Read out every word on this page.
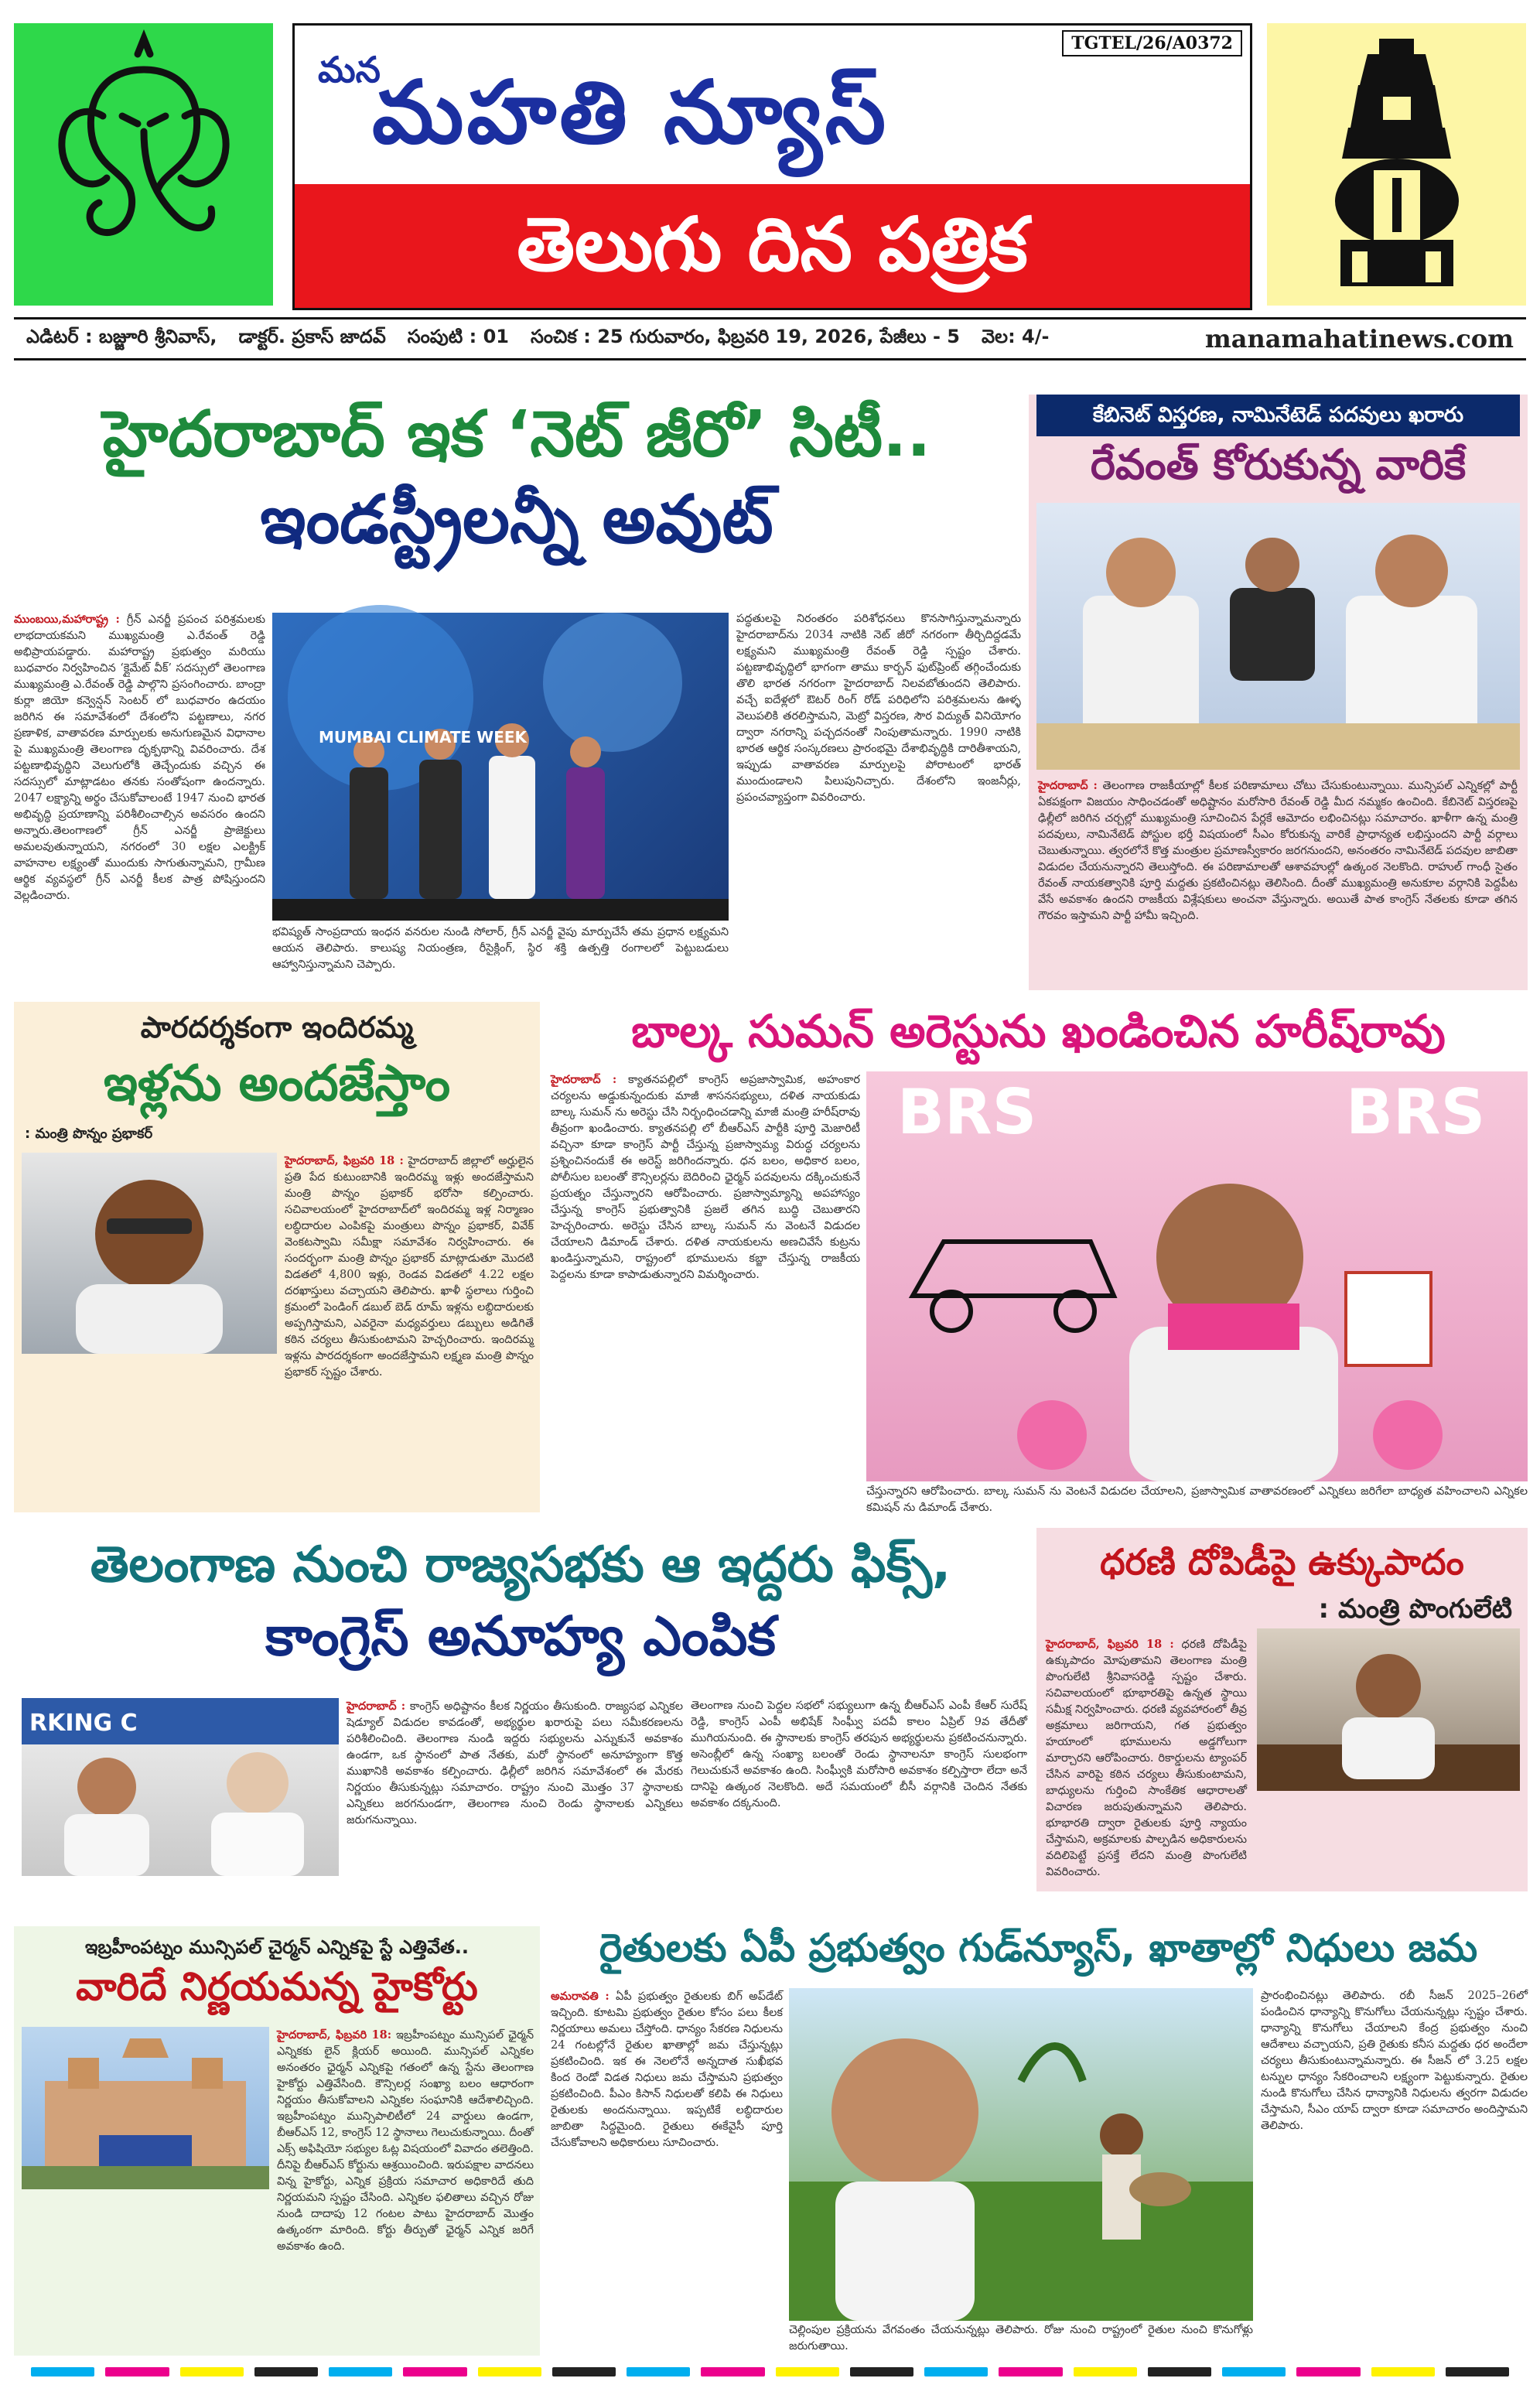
మన
మహతి న్యూస్
TGTEL/26/A0372
తెలుగు దిన పత్రిక
ఎడిటర్ : బజ్జూరి శ్రీనివాస్, డాక్టర్. ప్రకాస్ జాదవ్ సంపుటి : 01 సంచిక : 25 గురువారం, ఫిబ్రవరి 19, 2026, పేజీలు - 5 వెల: 4/-	manamahatinews.com
హైదరాబాద్ ఇక ‘నెట్ జీరో’ సిటీ..
ఇండస్ట్రీలన్నీ అవుట్
ముంబయి,మహారాష్ట్ర : గ్రీన్ ఎనర్జీ ప్రపంచ పరిశ్రమలకు లాభదాయకమని ముఖ్యమంత్రి ఎ.రేవంత్ రెడ్డి అభిప్రాయపడ్డారు. మహారాష్ట్ర ప్రభుత్వం మరియు బుధవారం నిర్వహించిన ‘క్లైమేట్ వీక్’ సదస్సులో తెలంగాణ ముఖ్యమంత్రి ఎ.రేవంత్ రెడ్డి పాల్గొని ప్రసంగించారు. బాంద్రా కుర్లా జియో కన్వెన్షన్ సెంటర్ లో బుధవారం ఉదయం జరిగిన ఈ సమావేశంలో దేశంలోని పట్టణాలు, నగర ప్రణాళిక, వాతావరణ మార్పులకు అనుగుణమైన విధానాల పై ముఖ్యమంత్రి తెలంగాణ దృక్పథాన్ని వివరించారు. దేశ పట్టణాభివృద్ధిని వెలుగులోకి తెచ్చేందుకు వచ్చిన ఈ సదస్సులో మాట్లాడటం తనకు సంతోషంగా ఉందన్నారు. 2047 లక్ష్యాన్ని అర్థం చేసుకోవాలంటే 1947 నుంచి భారత అభివృద్ధి ప్రయాణాన్ని పరిశీలించాల్సిన అవసరం ఉందని అన్నారు.తెలంగాణలో గ్రీన్ ఎనర్జీ ప్రాజెక్టులు అమలవుతున్నాయని, నగరంలో 30 లక్షల ఎలక్ట్రిక్ వాహనాల లక్ష్యంతో ముందుకు సాగుతున్నామని, గ్రామీణ ఆర్థిక వ్యవస్థలో గ్రీన్ ఎనర్జీ కీలక పాత్ర పోషిస్తుందని వెల్లడించారు.
MUMBAI CLIMATE WEEK
భవిష్యత్ సాంప్రదాయ ఇంధన వనరుల నుండి సోలార్, గ్రీన్ ఎనర్జీ వైపు మార్పుచేసే తమ ప్రధాన లక్ష్యమని ఆయన తెలిపారు. కాలుష్య నియంత్రణ, రీసైక్లింగ్, స్థిర శక్తి ఉత్పత్తి రంగాలలో పెట్టుబడులు ఆహ్వానిస్తున్నామని చెప్పారు.
పద్ధతులపై నిరంతరం పరిశోధనలు కొనసాగిస్తున్నామన్నారు హైదరాబాద్‌ను 2034 నాటికి నెట్ జీరో నగరంగా తీర్చిదిద్దడమే లక్ష్యమని ముఖ్యమంత్రి రేవంత్ రెడ్డి స్పష్టం చేశారు. పట్టణాభివృద్ధిలో భాగంగా తాము కార్బన్ ఫుట్‌ప్రింట్ తగ్గించేందుకు తొలి భారత నగరంగా హైదరాబాద్ నిలవబోతుందని తెలిపారు. వచ్చే ఐదేళ్లలో ఔటర్ రింగ్ రోడ్ పరిధిలోని పరిశ్రమలను ఊళ్ళ వెలుపలికి తరలిస్తామని, మెట్రో విస్తరణ, సౌర విద్యుత్ వినియోగం ద్వారా నగరాన్ని పచ్చదనంతో నింపుతామన్నారు. 1990 నాటికి భారత ఆర్థిక సంస్కరణలు ప్రారంభమై దేశాభివృద్ధికి దారితీశాయని, ఇప్పుడు వాతావరణ మార్పులపై పోరాటంలో భారత్ ముందుండాలని పిలుపునిచ్చారు. దేశంలోని ఇంజనీర్లు, ప్రపంచవ్యాప్తంగా వివరించారు.
కేబినెట్ విస్తరణ, నామినేటెడ్ పదవులు ఖరారు
రేవంత్ కోరుకున్న వారికే
హైదరాబాద్ : తెలంగాణ రాజకీయాల్లో కీలక పరిణామాలు చోటు చేసుకుంటున్నాయి. మున్సిపల్ ఎన్నికల్లో పార్టీ ఏకపక్షంగా విజయం సాధించడంతో అధిష్టానం మరోసారి రేవంత్ రెడ్డి మీద నమ్మకం ఉంచింది. కేబినెట్ విస్తరణపై ఢిల్లీలో జరిగిన చర్చల్లో ముఖ్యమంత్రి సూచించిన పేర్లకే ఆమోదం లభించినట్లు సమాచారం. ఖాళీగా ఉన్న మంత్రి పదవులు, నామినేటెడ్ పోస్టుల భర్తీ విషయంలో సీఎం కోరుకున్న వారికే ప్రాధాన్యత లభిస్తుందని పార్టీ వర్గాలు చెబుతున్నాయి. త్వరలోనే కొత్త మంత్రుల ప్రమాణస్వీకారం జరగనుందని, అనంతరం నామినేటెడ్ పదవుల జాబితా విడుదల చేయనున్నారని తెలుస్తోంది. ఈ పరిణామాలతో ఆశావహుల్లో ఉత్కంఠ నెలకొంది. రాహుల్ గాంధీ సైతం రేవంత్ నాయకత్వానికి పూర్తి మద్దతు ప్రకటించినట్లు తెలిసింది. దీంతో ముఖ్యమంత్రి అనుకూల వర్గానికి పెద్దపీట వేసే అవకాశం ఉందని రాజకీయ విశ్లేషకులు అంచనా వేస్తున్నారు. అయితే పాత కాంగ్రెస్ నేతలకు కూడా తగిన గౌరవం ఇస్తామని పార్టీ హామీ ఇచ్చింది.
పారదర్శకంగా ఇందిరమ్మ
ఇళ్లను అందజేస్తాం
: మంత్రి పొన్నం ప్రభాకర్
హైదరాబాద్, ఫిబ్రవరి 18 : హైదరాబాద్ జిల్లాలో అర్హులైన ప్రతి పేద కుటుంబానికి ఇందిరమ్మ ఇళ్లు అందజేస్తామని మంత్రి పొన్నం ప్రభాకర్ భరోసా కల్పించారు. సచివాలయంలో హైదరాబాద్‌లో ఇందిరమ్మ ఇళ్ల నిర్మాణం లబ్ధిదారుల ఎంపికపై మంత్రులు పొన్నం ప్రభాకర్, వివేక్ వెంకటస్వామి సమీక్షా సమావేశం నిర్వహించారు. ఈ సందర్భంగా మంత్రి పొన్నం ప్రభాకర్ మాట్లాడుతూ మొదటి విడతలో 4,800 ఇళ్లు, రెండవ విడతలో 4.22 లక్షల దరఖాస్తులు వచ్చాయని తెలిపారు. ఖాళీ స్థలాలు గుర్తించి క్రమంలో పెండింగ్ డబుల్ బెడ్ రూమ్ ఇళ్లను లబ్ధిదారులకు అప్పగిస్తామని, ఎవరైనా మధ్యవర్తులు డబ్బులు అడిగితే కఠిన చర్యలు తీసుకుంటామని హెచ్చరించారు. ఇందిరమ్మ ఇళ్లను పారదర్శకంగా అందజేస్తామని లక్ష్మణ మంత్రి పొన్నం ప్రభాకర్ స్పష్టం చేశారు.
బాల్క సుమన్ అరెస్టును ఖండించిన హరీష్‌రావు
హైదరాబాద్ : క్యాతనపల్లిలో కాంగ్రెస్ అప్రజాస్వామిక, అహంకార చర్యలను అడ్డుకున్నందుకు మాజీ శాసనసభ్యులు, దళిత నాయకుడు బాల్క సుమన్ ను అరెస్టు చేసి నిర్బంధించడాన్ని మాజీ మంత్రి హరీష్‌రావు తీవ్రంగా ఖండించారు. క్యాతనపల్లి లో బీఆర్ఎస్ పార్టీకి పూర్తి మెజారిటీ వచ్చినా కూడా కాంగ్రెస్ పార్టీ చేస్తున్న ప్రజాస్వామ్య విరుద్ధ చర్యలను ప్రశ్నించినందుకే ఈ అరెస్ట్ జరిగిందన్నారు. ధన బలం, అధికార బలం, పోలీసుల బలంతో కౌన్సిలర్లను బెదిరించి ఛైర్మన్ పదవులను దక్కించుకునే ప్రయత్నం చేస్తున్నారని ఆరోపించారు. ప్రజాస్వామ్యాన్ని అపహాస్యం చేస్తున్న కాంగ్రెస్ ప్రభుత్వానికి ప్రజలే తగిన బుద్ధి చెబుతారని హెచ్చరించారు. అరెస్టు చేసిన బాల్క సుమన్ ను వెంటనే విడుదల చేయాలని డిమాండ్ చేశారు. దళిత నాయకులను అణచివేసే కుట్రను ఖండిస్తున్నామని, రాష్ట్రంలో భూములను కబ్జా చేస్తున్న రాజకీయ పెద్దలను కూడా కాపాడుతున్నారని విమర్శించారు.
BRS	BRS
చేస్తున్నారని ఆరోపించారు. బాల్క సుమన్ ను వెంటనే విడుదల చేయాలని, ప్రజాస్వామిక వాతావరణంలో ఎన్నికలు జరిగేలా బాధ్యత వహించాలని ఎన్నికల కమిషన్ ను డిమాండ్ చేశారు.
తెలంగాణ నుంచి రాజ్యసభకు ఆ ఇద్దరు ఫిక్స్,
కాంగ్రెస్ అనూహ్య ఎంపిక
RKING C
హైదరాబాద్ : కాంగ్రెస్ అధిష్టానం కీలక నిర్ణయం తీసుకుంది. రాజ్యసభ ఎన్నికల షెడ్యూల్ విడుదల కావడంతో, అభ్యర్థుల ఖరారుపై పలు సమీకరణలను పరిశీలించింది. తెలంగాణ నుండి ఇద్దరు సభ్యులను ఎన్నుకునే అవకాశం ఉండగా, ఒక స్థానంలో పాత నేతకు, మరో స్థానంలో అనూహ్యంగా కొత్త ముఖానికి అవకాశం కల్పించారు. ఢిల్లీలో జరిగిన సమావేశంలో ఈ మేరకు నిర్ణయం తీసుకున్నట్లు సమాచారం. రాష్ట్రం నుంచి మొత్తం 37 స్థానాలకు ఎన్నికలు జరగనుండగా, తెలంగాణ నుంచి రెండు స్థానాలకు ఎన్నికలు జరుగనున్నాయి.
తెలంగాణ నుంచి పెద్దల సభలో సభ్యులుగా ఉన్న బీఆర్ఎస్ ఎంపీ కేఆర్ సురేష్ రెడ్డి, కాంగ్రెస్ ఎంపీ అభిషేక్ సింఘ్వీ పదవీ కాలం ఏప్రిల్ 9వ తేదీతో ముగియనుంది. ఈ స్థానాలకు కాంగ్రెస్ తరపున అభ్యర్థులను ప్రకటించనున్నారు. అసెంబ్లీలో ఉన్న సంఖ్యా బలంతో రెండు స్థానాలనూ కాంగ్రెస్ సులభంగా గెలుచుకునే అవకాశం ఉంది. సింఘ్వీకి మరోసారి అవకాశం కల్పిస్తారా లేదా అనే దానిపై ఉత్కంఠ నెలకొంది. అదే సమయంలో బీసీ వర్గానికి చెందిన నేతకు అవకాశం దక్కనుంది.
ధరణి దోపిడీపై ఉక్కుపాదం
: మంత్రి పొంగులేటి
హైదరాబాద్, ఫిబ్రవరి 18 : ధరణి దోపిడీపై ఉక్కుపాదం మోపుతామని తెలంగాణ మంత్రి పొంగులేటి శ్రీనివాసరెడ్డి స్పష్టం చేశారు. సచివాలయంలో భూభారతిపై ఉన్నత స్థాయి సమీక్ష నిర్వహించారు. ధరణి వ్యవహారంలో తీవ్ర అక్రమాలు జరిగాయని, గత ప్రభుత్వం హయాంలో భూములను అడ్డగోలుగా మార్చారని ఆరోపించారు. రికార్డులను ట్యాంపర్ చేసిన వారిపై కఠిన చర్యలు తీసుకుంటామని, బాధ్యులను గుర్తించి సాంకేతిక ఆధారాలతో విచారణ జరుపుతున్నామని తెలిపారు. భూభారతి ద్వారా రైతులకు పూర్తి న్యాయం చేస్తామని, అక్రమాలకు పాల్పడిన అధికారులను వదిలిపెట్టే ప్రసక్తే లేదని మంత్రి పొంగులేటి వివరించారు.
ఇబ్రహీంపట్నం మున్సిపల్ చైర్మన్ ఎన్నికపై స్టే ఎత్తివేత..
వారిదే నిర్ణయమన్న హైకోర్టు
హైదరాబాద్, ఫిబ్రవరి 18: ఇబ్రహీంపట్నం మున్సిపల్ ఛైర్మన్ ఎన్నికకు లైన్ క్లియర్ అయింది. మున్సిపల్ ఎన్నికల అనంతరం ఛైర్మన్ ఎన్నికపై గతంలో ఉన్న స్టేను తెలంగాణ హైకోర్టు ఎత్తివేసింది. కౌన్సిలర్ల సంఖ్యా బలం ఆధారంగా నిర్ణయం తీసుకోవాలని ఎన్నికల సంఘానికి ఆదేశాలిచ్చింది. ఇబ్రహీంపట్నం మున్సిపాలిటీలో 24 వార్డులు ఉండగా, బీఆర్ఎస్ 12, కాంగ్రెస్ 12 స్థానాలు గెలుచుకున్నాయి. దీంతో ఎక్స్ అఫిషియో సభ్యుల ఓట్ల విషయంలో వివాదం తలెత్తింది. దీనిపై బీఆర్ఎస్ కోర్టును ఆశ్రయించింది. ఇరుపక్షాల వాదనలు విన్న హైకోర్టు, ఎన్నిక ప్రక్రియ సమాచార అధికారిదే తుది నిర్ణయమని స్పష్టం చేసింది. ఎన్నికల ఫలితాలు వచ్చిన రోజు నుండి దాదాపు 12 గంటల పాటు హైదరాబాద్ మొత్తం ఉత్కంఠగా మారింది. కోర్టు తీర్పుతో ఛైర్మన్ ఎన్నిక జరిగే అవకాశం ఉంది.
రైతులకు ఏపీ ప్రభుత్వం గుడ్‌న్యూస్, ఖాతాల్లో నిధులు జమ
అమరావతి : ఏపీ ప్రభుత్వం రైతులకు బిగ్ అప్‌డేట్ ఇచ్చింది. కూటమి ప్రభుత్వం రైతుల కోసం పలు కీలక నిర్ణయాలు అమలు చేస్తోంది. ధాన్యం సేకరణ నిధులను 24 గంటల్లోనే రైతుల ఖాతాల్లో జమ చేస్తున్నట్లు ప్రకటించింది. ఇక ఈ నెలలోనే అన్నదాత సుఖీభవ కింద రెండో విడత నిధులు జమ చేస్తామని ప్రభుత్వం ప్రకటించింది. పీఎం కిసాన్ నిధులతో కలిపి ఈ నిధులు రైతులకు అందనున్నాయి. ఇప్పటికే లబ్ధిదారుల జాబితా సిద్ధమైంది. రైతులు ఈకేవైసీ పూర్తి చేసుకోవాలని అధికారులు సూచించారు.
చెల్లింపుల ప్రక్రియను వేగవంతం చేయనున్నట్లు తెలిపారు. రోజు నుంచి రాష్ట్రంలో రైతుల నుంచి కొనుగోళ్లు జరుగుతాయి.
ప్రారంభించినట్లు తెలిపారు. రబీ సీజన్ 2025–26లో పండించిన ధాన్యాన్ని కొనుగోలు చేయనున్నట్లు స్పష్టం చేశారు. ధాన్యాన్ని కొనుగోలు చేయాలని కేంద్ర ప్రభుత్వం నుంచి ఆదేశాలు వచ్చాయని, ప్రతి రైతుకు కనీస మద్దతు ధర అందేలా చర్యలు తీసుకుంటున్నామన్నారు. ఈ సీజన్ లో 3.25 లక్షల టన్నుల ధాన్యం సేకరించాలని లక్ష్యంగా పెట్టుకున్నారు. రైతుల నుండి కొనుగోలు చేసిన ధాన్యానికి నిధులను త్వరగా విడుదల చేస్తామని, సీఎం యాప్ ద్వారా కూడా సమాచారం అందిస్తామని తెలిపారు.
